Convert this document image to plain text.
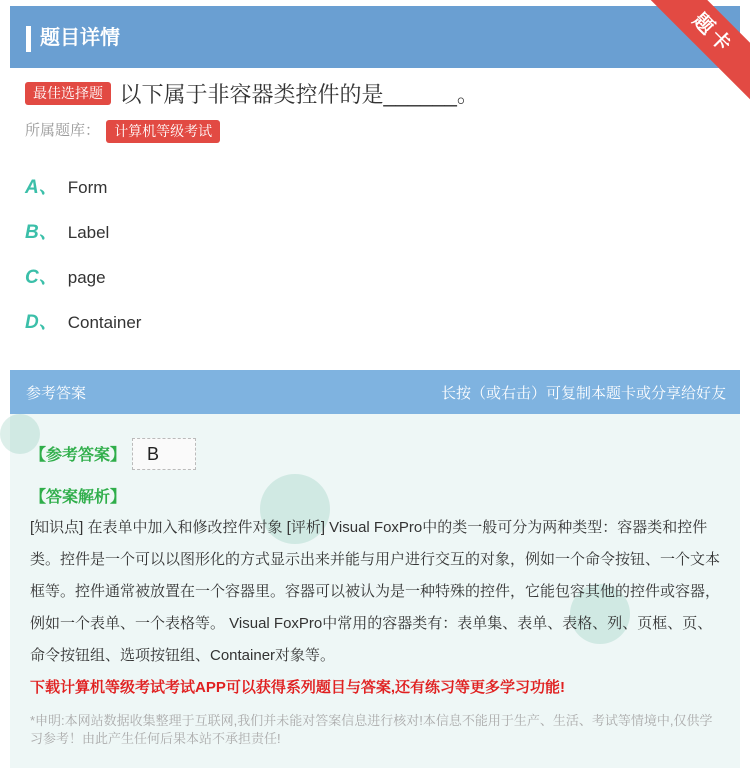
题目详情	题卡
最佳选择题 以下属于非容器类控件的是______。
所属题库： 计算机等级考试
A、 Form
B、 Label
C、 page
D、 Container
参考答案	长按（或右击）可复制本题卡或分享给好友
【参考答案】	B
【答案解析】
[知识点] 在表单中加入和修改控件对象 [评析] Visual FoxPro中的类一般可分为两种类型：容器类和控件类。控件是一个可以以图形化的方式显示出来并能与用户进行交互的对象，例如一个命令按钮、一个文本框等。控件通常被放置在一个容器里。容器可以被认为是一种特殊的控件，它能包容其他的控件或容器，例如一个表单、一个表格等。 Visual FoxPro中常用的容器类有：表单集、表单、表格、列、页框、页、命令按钮组、选项按钮组、Container对象等。
下载计算机等级考试考试APP可以获得系列题目与答案,还有练习等更多学习功能!
*申明:本网站数据收集整理于互联网,我们并未能对答案信息进行核对!本信息不能用于生产、生活、考试等情境中,仅供学习参考！由此产生任何后果本站不承担责任!
